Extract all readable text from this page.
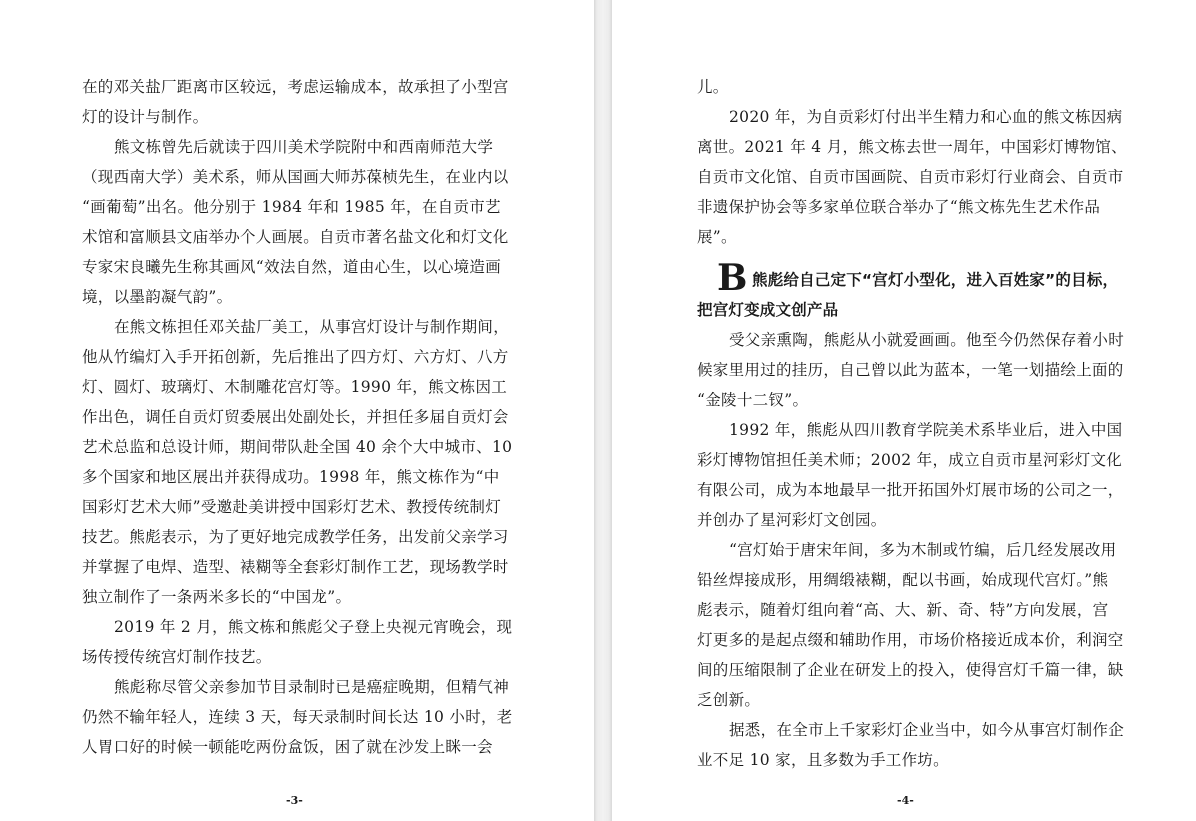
在的邓关盐厂距离市区较远，考虑运输成本，故承担了小型宫
灯的设计与制作。
熊文栋曾先后就读于四川美术学院附中和西南师范大学
（现西南大学）美术系，师从国画大师苏葆桢先生，在业内以
“画葡萄”出名。他分别于 1984 年和 1985 年，在自贡市艺
术馆和富顺县文庙举办个人画展。自贡市著名盐文化和灯文化
专家宋良曦先生称其画风“效法自然，道由心生，以心境造画
境，以墨韵凝气韵”。
在熊文栋担任邓关盐厂美工，从事宫灯设计与制作期间，
他从竹编灯入手开拓创新，先后推出了四方灯、六方灯、八方
灯、圆灯、玻璃灯、木制雕花宫灯等。1990 年，熊文栋因工
作出色，调任自贡灯贸委展出处副处长，并担任多届自贡灯会
艺术总监和总设计师，期间带队赴全国 40 余个大中城市、10
多个国家和地区展出并获得成功。1998 年，熊文栋作为“中
国彩灯艺术大师”受邀赴美讲授中国彩灯艺术、教授传统制灯
技艺。熊彪表示，为了更好地完成教学任务，出发前父亲学习
并掌握了电焊、造型、裱糊等全套彩灯制作工艺，现场教学时
独立制作了一条两米多长的“中国龙”。
2019 年 2 月，熊文栋和熊彪父子登上央视元宵晚会，现
场传授传统宫灯制作技艺。
熊彪称尽管父亲参加节目录制时已是癌症晚期，但精气神
仍然不输年轻人，连续 3 天，每天录制时间长达 10 小时，老
人胃口好的时候一顿能吃两份盒饭，困了就在沙发上眯一会
-3-
儿。
2020 年，为自贡彩灯付出半生精力和心血的熊文栋因病
离世。2021 年 4 月，熊文栋去世一周年，中国彩灯博物馆、
自贡市文化馆、自贡市国画院、自贡市彩灯行业商会、自贡市
非遗保护协会等多家单位联合举办了“熊文栋先生艺术作品
展”。
B 熊彪给自己定下“宫灯小型化，进入百姓家”的目标，
把宫灯变成文创产品
受父亲熏陶，熊彪从小就爱画画。他至今仍然保存着小时
候家里用过的挂历，自己曾以此为蓝本，一笔一划描绘上面的
“金陵十二钗”。
1992 年，熊彪从四川教育学院美术系毕业后，进入中国
彩灯博物馆担任美术师；2002 年，成立自贡市星河彩灯文化
有限公司，成为本地最早一批开拓国外灯展市场的公司之一，
并创办了星河彩灯文创园。
“宫灯始于唐宋年间，多为木制或竹编，后几经发展改用
铅丝焊接成形，用绸缎裱糊，配以书画，始成现代宫灯。”熊
彪表示，随着灯组向着“高、大、新、奇、特”方向发展，宫
灯更多的是起点缀和辅助作用，市场价格接近成本价，利润空
间的压缩限制了企业在研发上的投入，使得宫灯千篇一律，缺
乏创新。
据悉，在全市上千家彩灯企业当中，如今从事宫灯制作企
业不足 10 家，且多数为手工作坊。
-4-
